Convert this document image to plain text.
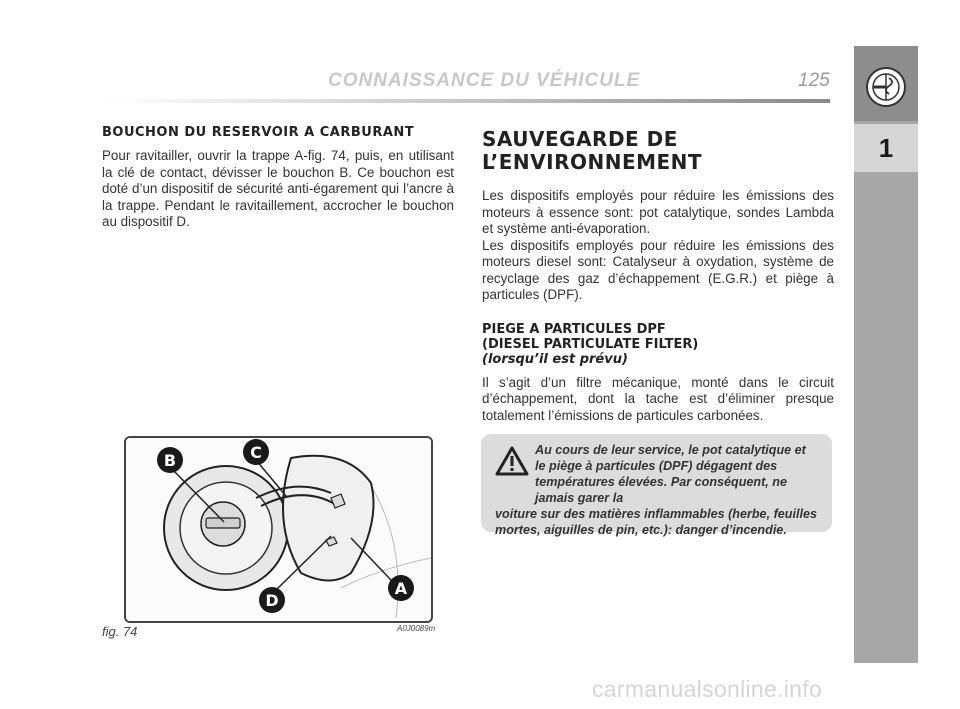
CONNAISSANCE DU VÉHICULE	125
1
BOUCHON DU RESERVOIR A CARBURANT

Pour ravitailler, ouvrir la trappe A-fig. 74, puis, en utilisant la clé de contact, dévisser le bouchon B. Ce bouchon est doté d’un dispositif de sécurité anti-égarement qui l’ancre à la trappe. Pendant le ravitaillement, accrocher le bouchon au dispositif D.

SAUVEGARDE DE
L’ENVIRONNEMENT

Les dispositifs employés pour réduire les émissions des moteurs à essence sont: pot catalytique, sondes Lambda et système anti-évaporation.

Les dispositifs employés pour réduire les émissions des moteurs diesel sont: Catalyseur à oxydation, système de recyclage des gaz d’échappement (E.G.R.) et piège à particules (DPF).

PIEGE A PARTICULES DPF
(DIESEL PARTICULATE FILTER)
(lorsqu’il est prévu)

Il s’agit d’un filtre mécanique, monté dans le circuit d’échappement, dont la tache est d’éliminer presque totalement l’émissions de particules carbonées.

Au cours de leur service, le pot catalytique et le piège à particules (DPF) dégagent des températures élevées. Par conséquent, ne jamais garer la
voiture sur des matières inflammables (herbe, feuilles mortes, aiguilles de pin, etc.): danger d’incendie.
B	C
D
A
fig. 74	A0J0089m
carmanualsonline.info
